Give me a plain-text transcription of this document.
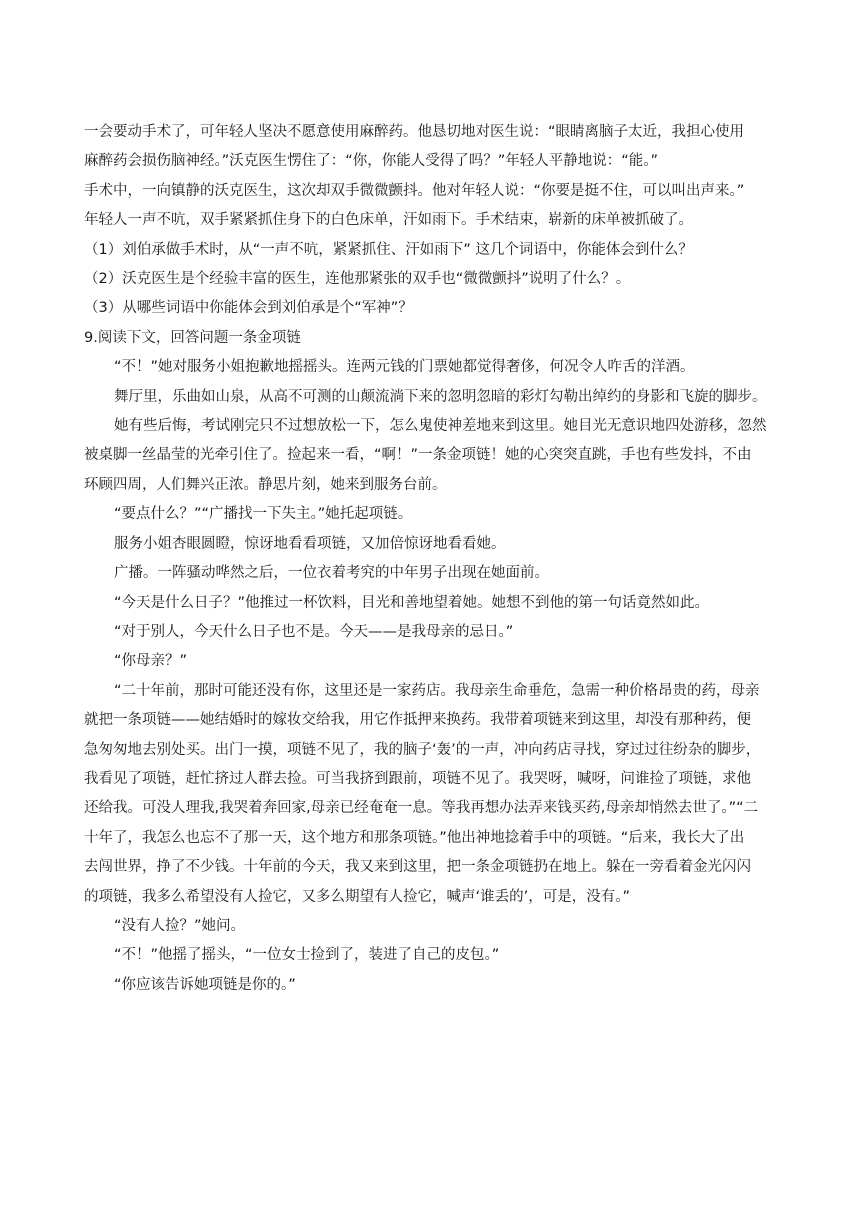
一会要动手术了，可年轻人坚决不愿意使用麻醉药。他恳切地对医生说：“眼睛离脑子太近，我担心使用

麻醉药会损伤脑神经。”沃克医生愣住了：“你，你能人受得了吗？”年轻人平静地说：“能。”

手术中，一向镇静的沃克医生，这次却双手微微颤抖。他对年轻人说：“你要是挺不住，可以叫出声来。”

年轻人一声不吭，双手紧紧抓住身下的白色床单，汗如雨下。手术结束，崭新的床单被抓破了。

（1）刘伯承做手术时，从“一声不吭，紧紧抓住、汗如雨下” 这几个词语中，你能体会到什么？

（2）沃克医生是个经验丰富的医生，连他那紧张的双手也“微微颤抖”说明了什么？。

（3）从哪些词语中你能体会到刘伯承是个“军神”？

9.阅读下文，回答问题一条金项链

“不！”她对服务小姐抱歉地摇摇头。连两元钱的门票她都觉得奢侈，何况令人咋舌的洋酒。

舞厅里，乐曲如山泉，从高不可测的山颠流淌下来的忽明忽暗的彩灯勾勒出绰约的身影和飞旋的脚步。

她有些后悔，考试刚完只不过想放松一下，怎么鬼使神差地来到这里。她目光无意识地四处游移，忽然

被桌脚一丝晶莹的光牵引住了。捡起来一看，“啊！”一条金项链！她的心突突直跳，手也有些发抖，不由

环顾四周，人们舞兴正浓。静思片刻，她来到服务台前。

“要点什么？”“广播找一下失主。”她托起项链。

服务小姐杏眼圆瞪，惊讶地看看项链，又加倍惊讶地看看她。

广播。一阵骚动哗然之后，一位衣着考究的中年男子出现在她面前。

“今天是什么日子？”他推过一杯饮料，目光和善地望着她。她想不到他的第一句话竟然如此。

“对于别人，今天什么日子也不是。今天——是我母亲的忌日。”

“你母亲？”

“二十年前，那时可能还没有你，这里还是一家药店。我母亲生命垂危，急需一种价格昂贵的药，母亲

就把一条项链——她结婚时的嫁妆交给我，用它作抵押来换药。我带着项链来到这里，却没有那种药，便

急匆匆地去别处买。出门一摸，项链不见了，我的脑子‘轰’的一声，冲向药店寻找，穿过过往纷杂的脚步，

我看见了项链，赶忙挤过人群去捡。可当我挤到跟前，项链不见了。我哭呀，喊呀，问谁捡了项链，求他

还给我。可没人理我,我哭着奔回家,母亲已经奄奄一息。等我再想办法弄来钱买药,母亲却悄然去世了。”“二

十年了，我怎么也忘不了那一天，这个地方和那条项链。”他出神地捻着手中的项链。“后来，我长大了出

去闯世界，挣了不少钱。十年前的今天，我又来到这里，把一条金项链扔在地上。躲在一旁看着金光闪闪

的项链，我多么希望没有人捡它，又多么期望有人捡它，喊声‘谁丢的’，可是，没有。”

“没有人捡？”她问。

“不！”他摇了摇头，“一位女士捡到了，装进了自己的皮包。”

“你应该告诉她项链是你的。”
